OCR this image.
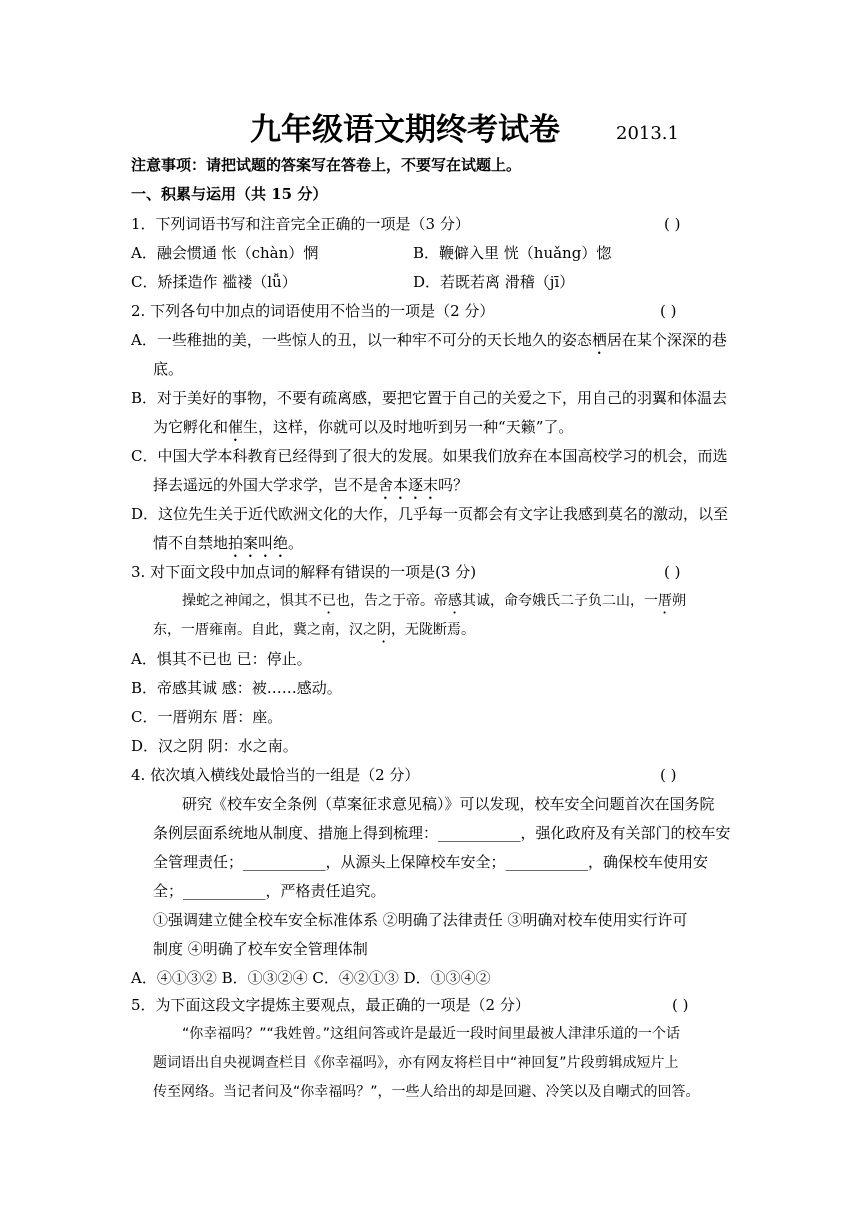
九年级语文期终考试卷	2013.1
注意事项：请把试题的答案写在答卷上，不要写在试题上。
一、积累与运用（共 15 分）
1．下列词语书写和注音完全正确的一项是（3 分）	( )
A．融会惯通 怅（chàn）惘	B．鞭僻入里 恍（huǎng）惚
C．矫揉造作 褴褛（lǚ）	D．若既若离 滑稽（jī）
2. 下列各句中加点的词语使用不恰当的一项是（2 分）	( )
A．一些稚拙的美，一些惊人的丑，以一种牢不可分的天长地久的姿态栖居在某个深深的巷
底。
B．对于美好的事物，不要有疏离感，要把它置于自己的关爱之下，用自己的羽翼和体温去
为它孵化和催生，这样，你就可以及时地听到另一种“天籁”了。
C．中国大学本科教育已经得到了很大的发展。如果我们放弃在本国高校学习的机会，而选
择去遥远的外国大学求学，岂不是舍本逐末吗？
D．这位先生关于近代欧洲文化的大作，几乎每一页都会有文字让我感到莫名的激动，以至
情不自禁地拍案叫绝。
3. 对下面文段中加点词的解释有错误的一项是(3 分)	( )
操蛇之神闻之，惧其不已也，告之于帝。帝感其诚，命夸娥氏二子负二山，一厝朔
东，一厝雍南。自此，冀之南，汉之阴，无陇断焉。
A．惧其不已也 已：停止。
B．帝感其诚 感：被……感动。
C．一厝朔东 厝：座。
D．汉之阴 阴：水之南。
4. 依次填入横线处最恰当的一组是（2 分）	( )
研究《校车安全条例（草案征求意见稿）》可以发现，校车安全问题首次在国务院
条例层面系统地从制度、措施上得到梳理：___________，强化政府及有关部门的校车安
全管理责任；___________，从源头上保障校车安全；___________，确保校车使用安
全；___________，严格责任追究。
①强调建立健全校车安全标准体系 ②明确了法律责任 ③明确对校车使用实行许可
制度 ④明确了校车安全管理体制
A．④①③② B．①③②④ C．④②①③ D．①③④②
5．为下面这段文字提炼主要观点，最正确的一项是（2 分）	( )
“你幸福吗？”“我姓曾。”这组问答或许是最近一段时间里最被人津津乐道的一个话
题词语出自央视调查栏目《你幸福吗》，亦有网友将栏目中“神回复”片段剪辑成短片上
传至网络。当记者问及“你幸福吗？”，一些人给出的却是回避、冷笑以及自嘲式的回答。
